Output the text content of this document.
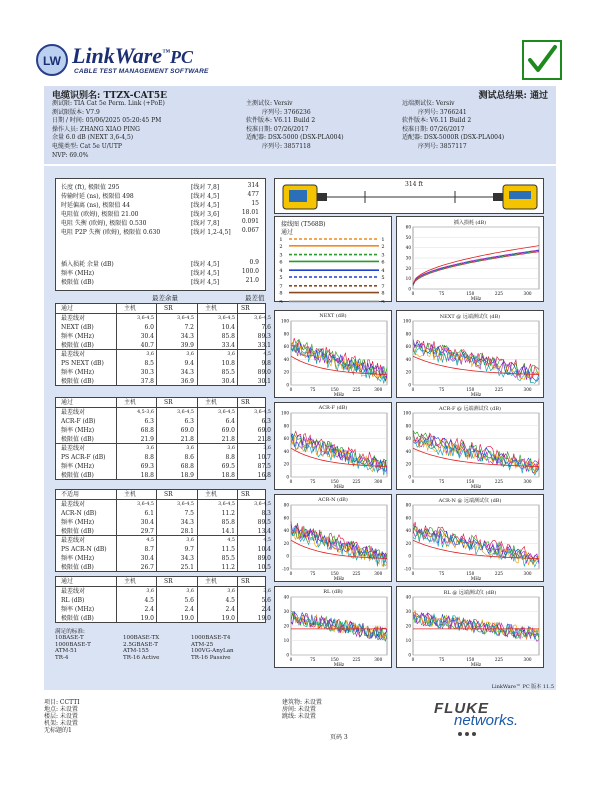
LW LinkWare™PC
CABLE TEST MANAGEMENT SOFTWARE
电缆识别名: TTZX-CAT5E	测试总结果: 通过
测试限: TIA Cat 5e Perm. Link (+PoE)
测试限版本: V7.9
日期 / 时间: 05/06/2025 05:20:45 PM
操作人员: ZHANG XIAO PING
余量 6.0 dB (NEXT 3,6-4,5)
电缆类型: Cat 5e U/UTP
NVP: 69.0%
主测试仪: Versiv
序列号: 3766236
软件版本: V6.11 Build 2
校准日期: 07/26/2017
适配器: DSX-5000 (DSX-PLA004)
序列号: 3857118
远端测试仪: Versiv
序列号: 3766241
软件版本: V6.11 Build 2
校准日期: 07/26/2017
适配器: DSX-5000R (DSX-PLA004)
序列号: 3857117
长度 (ft), 极限值 295	[线对 7,8]	314
传输时延 (ns), 极限值 498	[线对 4,5]	477
时延偏离 (ns), 极限值 44	[线对 4,5]	15
电阻值 (欧姆), 极限值 21.00	[线对 3,6]	18.01
电阻 失衡 (欧姆), 极限值 0.530	[线对 7,8]	0.091
电阻 P2P 失衡 (欧姆), 极限值 0.630	[线对 1,2-4,5] 0.067
插入损耗 余量 (dB)	[线对 4,5]	0.9
频率 (MHz)	[线对 4,5]	100.0
极限值 (dB)	[线对 4,5]	21.0
最差余量	最差值
通过	主机	SR	主机	SR
最差线对	3,6-4,5	3,6-4,5	3,6-4,5	3,6-4,5
NEXT (dB)	6.0	7.2	10.4	7.6
频率 (MHz)	30.4	34.3	85.8	89.3
极限值 (dB)	40.7	39.9	33.4	33.1
最差线对	3,6	3,6	3,6	4,5
PS NEXT (dB)	8.5	9.4	10.8	9.8
频率 (MHz)	30.3	34.3	85.5	89.0
极限值 (dB)	37.8	36.9	30.4	30.1
通过	主机	SR	主机	SR
最差线对	4,5-3,6	3,6-4,5	3,6-4,5	3,6-4,5
ACR-F (dB)	6.3	6.3	6.4	6.3
频率 (MHz)	68.8	69.0	69.0	69.0
极限值 (dB)	21.9	21.8	21.8	21.8
最差线对	3,6	3,6	3,6	3,6
PS ACR-F (dB)	8.8	8.6	8.8	10.7
频率 (MHz)	69.3	68.8	69.5	87.5
极限值 (dB)	18.8	18.9	18.8	16.8
不适用	主机	SR	主机	SR
最差线对	3,6-4,5	3,6-4,5	3,6-4,5	3,6-4,5
ACR-N (dB)	6.1	7.5	11.2	8.3
频率 (MHz)	30.4	34.3	85.8	89.5
极限值 (dB)	29.7	28.1	14.1	13.4
最差线对	4,5	3,6	4,5	4,5
PS ACR-N (dB)	8.7	9.7	11.5	10.4
频率 (MHz)	30.4	34.3	85.5	89.0
极限值 (dB)	26.7	25.1	11.2	10.5
通过	主机	SR	主机	SR
最差线对	3,6	3,6	3,6	3,6
RL (dB)	4.5	5.6	4.5	5.6
频率 (MHz)	2.4	2.4	2.4	2.4
极限值 (dB)	19.0	19.0	19.0	19.0
满足的标准:
10BASE-T	100BASE-TX	1000BASE-T4
1000BASE-T	2.5GBASE-T	ATM-25
ATM-51	ATM-155	100VG-AnyLan
TR-4	TR-16 Active	TR-16 Passive
314 ft
接线图 (T568B)
通过
1	1
2	2
3	3
6	6
4	4
5	5
7	7
8	8
S	S
插入损耗 (dB)
60
50
40
30
20
10
0
0	75	150	225	300
MHz
NEXT (dB)
100
80
60
40
20
0
0	75	150	225	300
MHz
NEXT @ 远端测试仪 (dB)
100
80
60
40
20
0
0	75	150	225	300
MHz
ACR-F (dB)
100
80
60
40
20
0
0	75	150	225	300
MHz
ACR-F @ 远端测试仪 (dB)
100
80
60
40
20
0
0	75	150	225	300
MHz
ACR-N (dB)
80
60
40
20
0
-10
0	75	150	225	300
MHz
ACR-N @ 远端测试仪 (dB)
80
60
40
20
0
-10
0	75	150	225	300
MHz
RL (dB)
40
30
20
10
0
0	75	150	225	300
MHz
RL @ 远端测试仪 (dB)
40
30
20
10
0
0	75	150	225	300
MHz
LinkWare™ PC 版本 11.5
项目: CCTTI
地点: 未设置
楼层: 未设置
机架: 未设置
无标题的1
建筑物: 未设置
房间: 未设置
跳线: 未设置
页码 3
FLUKE
networks.
